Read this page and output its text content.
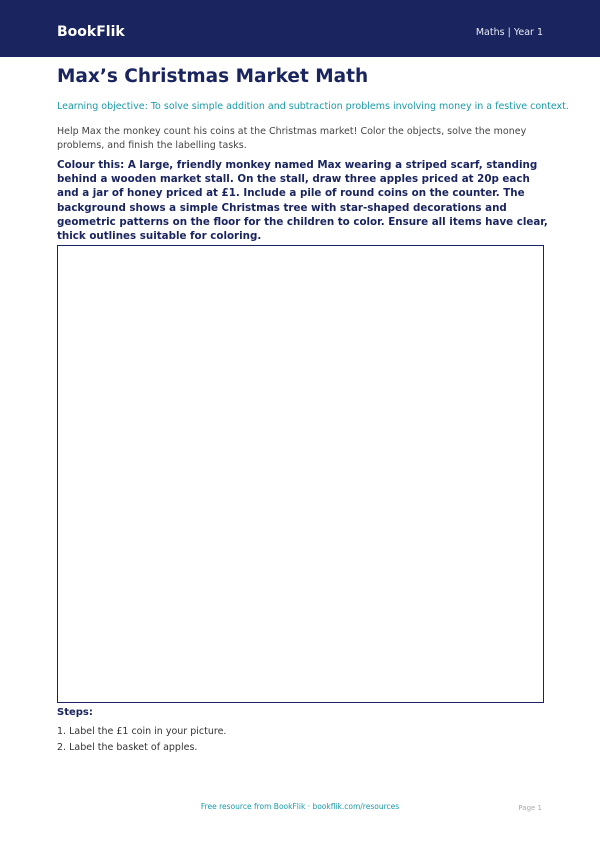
BookFlik	Maths | Year 1
Max’s Christmas Market Math
Learning objective: To solve simple addition and subtraction problems involving money in a festive context.
Help Max the monkey count his coins at the Christmas market! Color the objects, solve the money problems, and finish the labelling tasks.
Colour this: A large, friendly monkey named Max wearing a striped scarf, standing behind a wooden market stall. On the stall, draw three apples priced at 20p each and a jar of honey priced at £1. Include a pile of round coins on the counter. The background shows a simple Christmas tree with star-shaped decorations and geometric patterns on the floor for the children to color. Ensure all items have clear, thick outlines suitable for coloring.
Steps:
1. Label the £1 coin in your picture.
2. Label the basket of apples.
Free resource from BookFlik · bookflik.com/resources	Page 1
